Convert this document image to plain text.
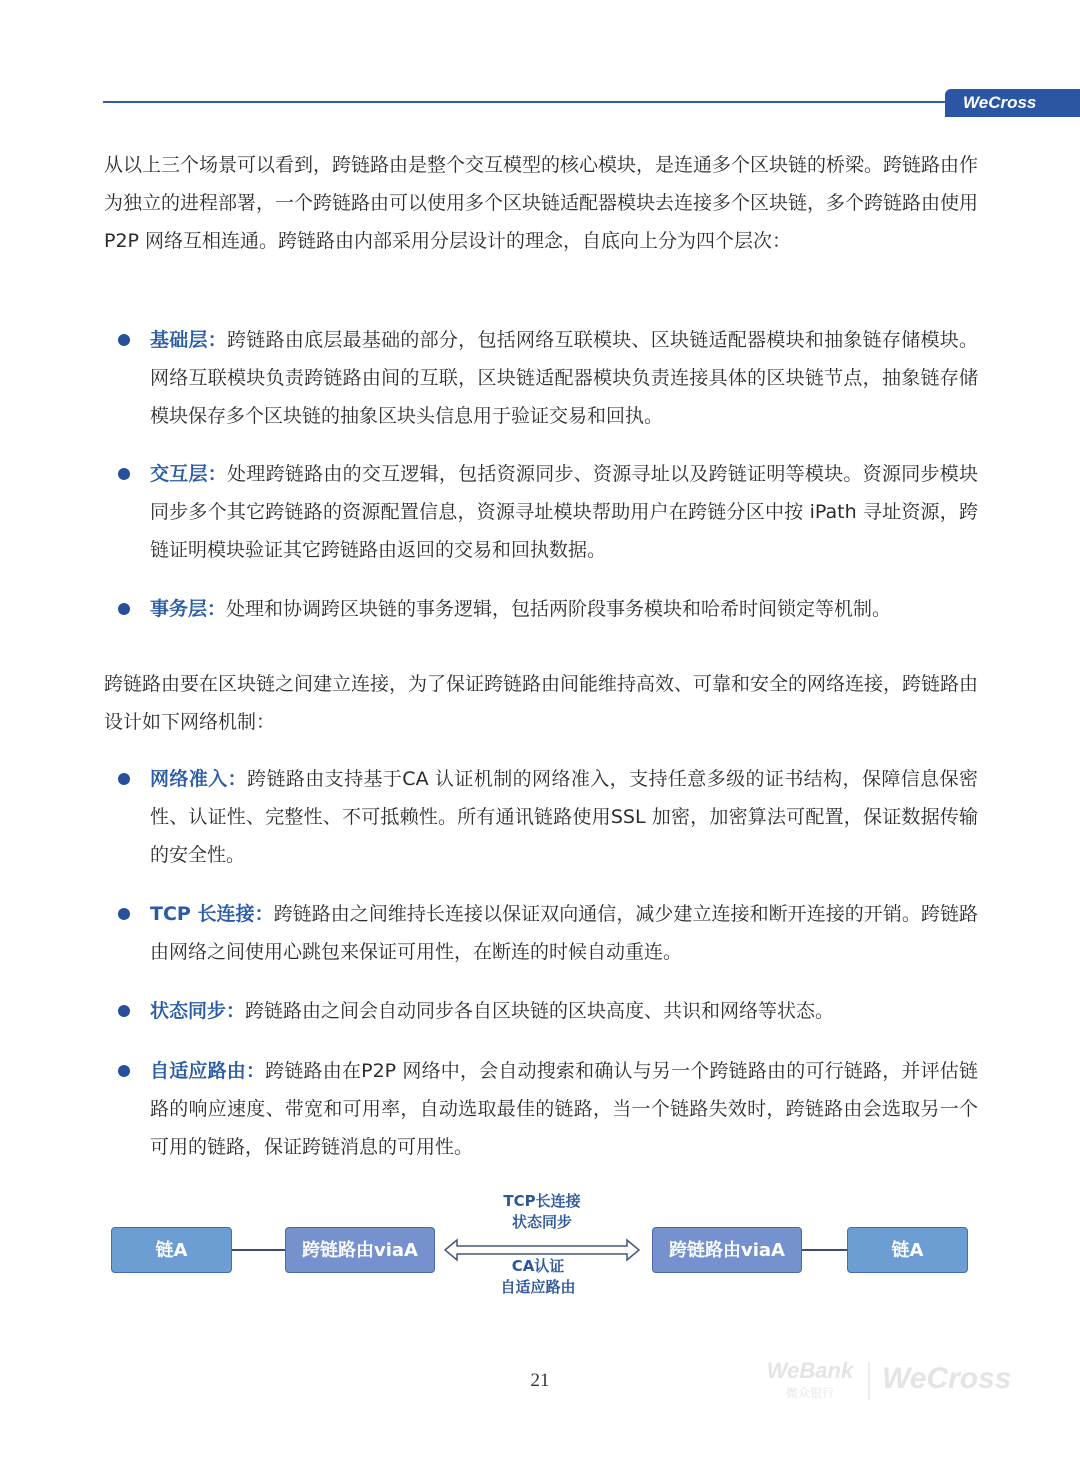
WeCross

从以上三个场景可以看到，跨链路由是整个交互模型的核心模块，是连通多个区块链的桥梁。跨链路由作为独立的进程部署，一个跨链路由可以使用多个区块链适配器模块去连接多个区块链，多个跨链路由使用 P2P 网络互相连通。跨链路由内部采用分层设计的理念，自底向上分为四个层次：

基础层：跨链路由底层最基础的部分，包括网络互联模块、区块链适配器模块和抽象链存储模块。网络互联模块负责跨链路由间的互联，区块链适配器模块负责连接具体的区块链节点，抽象链存储模块保存多个区块链的抽象区块头信息用于验证交易和回执。
交互层：处理跨链路由的交互逻辑，包括资源同步、资源寻址以及跨链证明等模块。资源同步模块同步多个其它跨链路的资源配置信息，资源寻址模块帮助用户在跨链分区中按 iPath 寻址资源，跨链证明模块验证其它跨链路由返回的交易和回执数据。
事务层：处理和协调跨区块链的事务逻辑，包括两阶段事务模块和哈希时间锁定等机制。

跨链路由要在区块链之间建立连接，为了保证跨链路由间能维持高效、可靠和安全的网络连接，跨链路由设计如下网络机制：

网络准入：跨链路由支持基于CA 认证机制的网络准入，支持任意多级的证书结构，保障信息保密性、认证性、完整性、不可抵赖性。所有通讯链路使用SSL 加密，加密算法可配置，保证数据传输的安全性。
TCP 长连接：跨链路由之间维持长连接以保证双向通信，减少建立连接和断开连接的开销。跨链路由网络之间使用心跳包来保证可用性，在断连的时候自动重连。
状态同步：跨链路由之间会自动同步各自区块链的区块高度、共识和网络等状态。
自适应路由：跨链路由在P2P 网络中，会自动搜索和确认与另一个跨链路由的可行链路，并评估链路的响应速度、带宽和可用率，自动选取最佳的链路，当一个链路失效时，跨链路由会选取另一个可用的链路，保证跨链消息的可用性。
链A	跨链路由viaA
TCP长连接
状态同步
CA认证
自适应路由
跨链路由viaA	链A
21	WeBank
微众银行	WeCross
